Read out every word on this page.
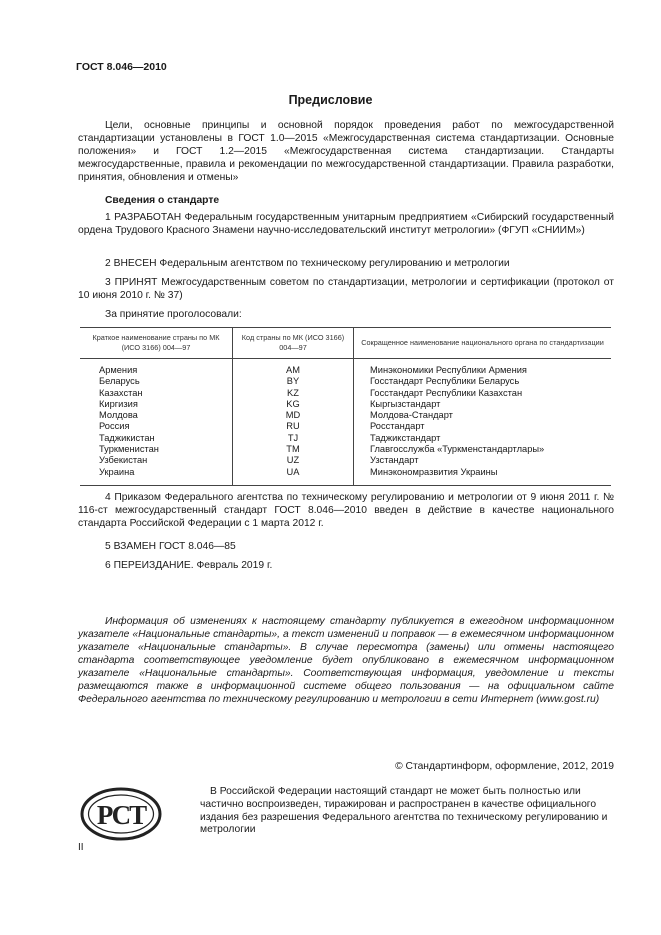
ГОСТ 8.046—2010
Предисловие

Цели, основные принципы и основной порядок проведения работ по межгосударственной стандартизации установлены в ГОСТ 1.0—2015 «Межгосударственная система стандартизации. Основные положения» и ГОСТ 1.2—2015 «Межгосударственная система стандартизации. Стандарты межгосударственные, правила и рекомендации по межгосударственной стандартизации. Правила разработки, принятия, обновления и отмены»

Сведения о стандарте

1 РАЗРАБОТАН Федеральным государственным унитарным предприятием «Сибирский государственный ордена Трудового Красного Знамени научно-исследовательский институт метрологии» (ФГУП «СНИИМ»)

2 ВНЕСЕН Федеральным агентством по техническому регулированию и метрологии

3 ПРИНЯТ Межгосударственным советом по стандартизации, метрологии и сертификации (протокол от 10 июня 2010 г. № 37)

За принятие проголосовали:

Краткое наименование страны по МК (ИСО 3166) 004—97	Код страны по МК (ИСО 3166) 004—97	Сокращенное наименование национального органа по стандартизации
Армения	AM	Минэкономики Республики Армения
Беларусь	BY	Госстандарт Республики Беларусь
Казахстан	KZ	Госстандарт Республики Казахстан
Киргизия	KG	Кыргызстандарт
Молдова	MD	Молдова-Стандарт
Россия	RU	Росстандарт
Таджикистан	TJ	Таджикстандарт
Туркменистан	TM	Главгосслужба «Туркменстандартлары»
Узбекистан	UZ	Узстандарт
Украина	UA	Минэкономразвития Украины

4 Приказом Федерального агентства по техническому регулированию и метрологии от 9 июня 2011 г. № 116-ст межгосударственный стандарт ГОСТ 8.046—2010 введен в действие в качестве национального стандарта Российской Федерации с 1 марта 2012 г.

5 ВЗАМЕН ГОСТ 8.046—85

6 ПЕРЕИЗДАНИЕ. Февраль 2019 г.

Информация об изменениях к настоящему стандарту публикуется в ежегодном информационном указателе «Национальные стандарты», а текст изменений и поправок — в ежемесячном информационном указателе «Национальные стандарты». В случае пересмотра (замены) или отмены настоящего стандарта соответствующее уведомление будет опубликовано в ежемесячном информационном указателе «Национальные стандарты». Соответствующая информация, уведомление и тексты размещаются также в информационной системе общего пользования — на официальном сайте Федерального агентства по техническому регулированию и метрологии в сети Интернет (www.gost.ru)

© Стандартинформ, оформление, 2012, 2019
РСТ

В Российской Федерации настоящий стандарт не может быть полностью или частично воспроизведен, тиражирован и распространен в качестве официального издания без разрешения Федерального агентства по техническому регулированию и метрологии

II
